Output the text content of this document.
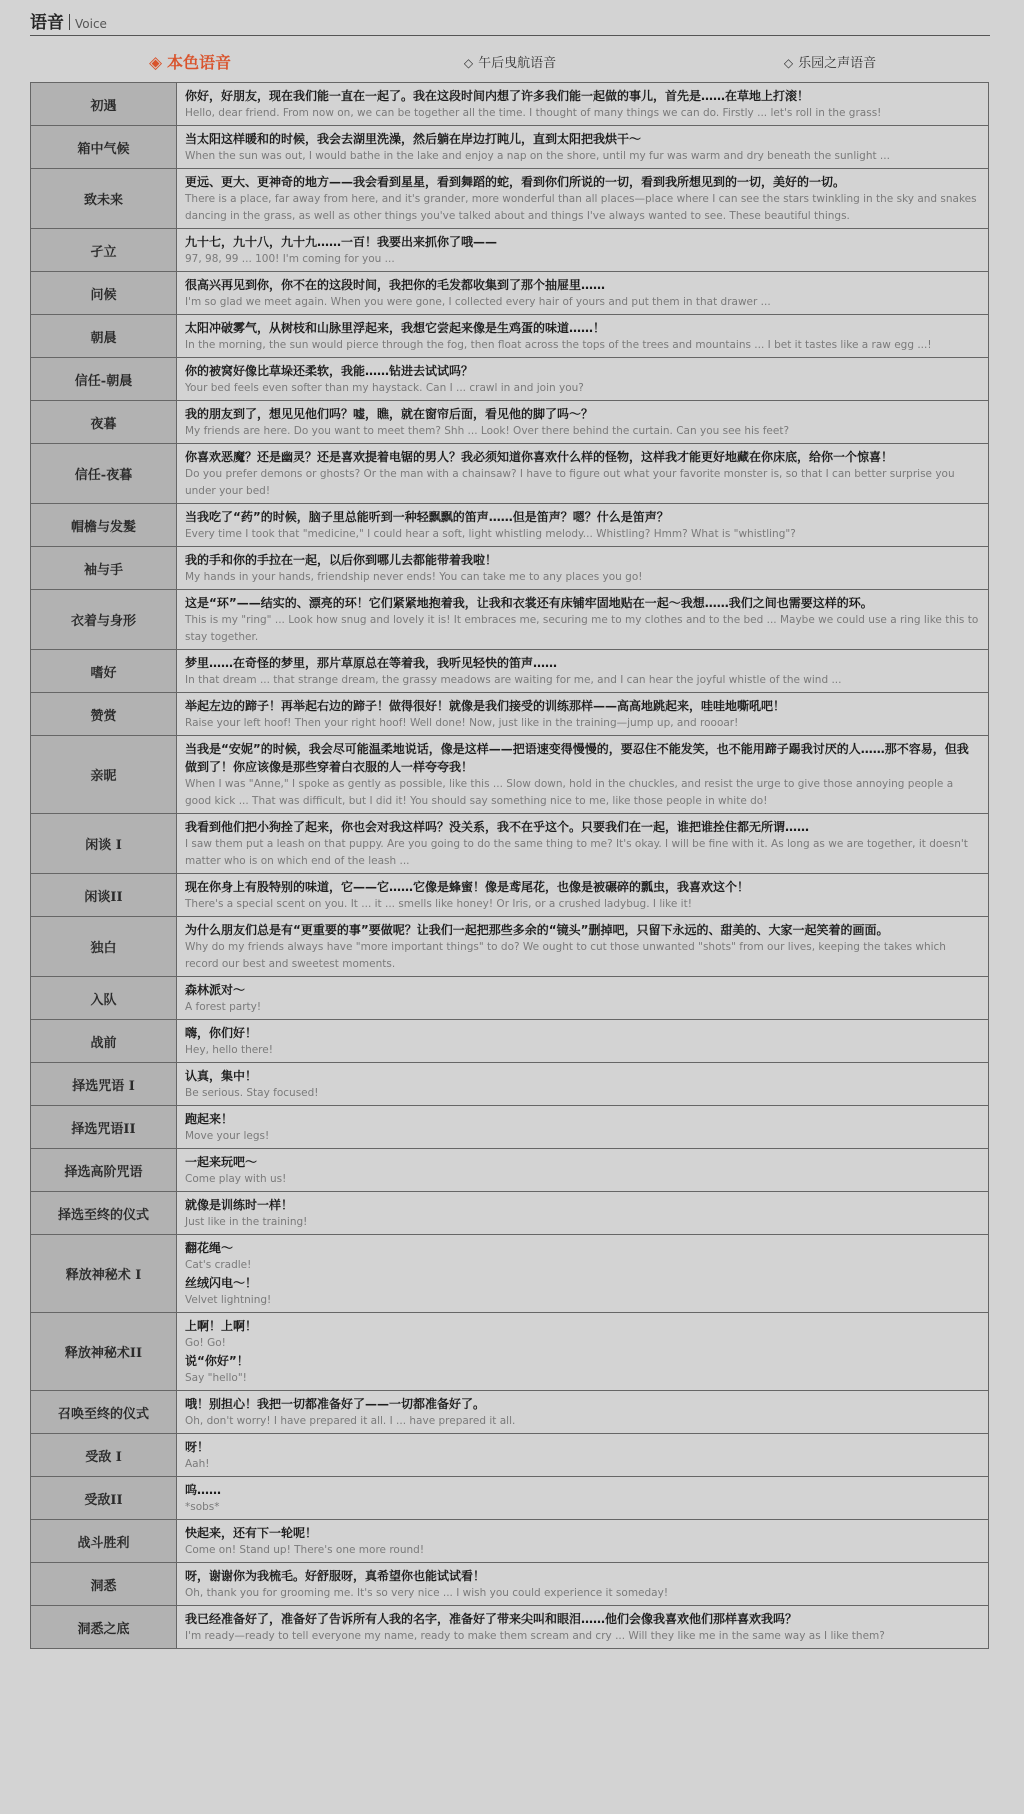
语音 Voice
◈ 本色语音	◇ 午后曳航语音	◇ 乐园之声语音
初遇	你好，好朋友，现在我们能一直在一起了。我在这段时间内想了许多我们能一起做的事儿，首先是……在草地上打滚！
Hello, dear friend. From now on, we can be together all the time. I thought of many things we can do. Firstly ... let's roll in the grass!

箱中气候	当太阳这样暖和的时候，我会去湖里洗澡，然后躺在岸边打盹儿，直到太阳把我烘干～
When the sun was out, I would bathe in the lake and enjoy a nap on the shore, until my fur was warm and dry beneath the sunlight ...

致未来	更远、更大、更神奇的地方——我会看到星星，看到舞蹈的蛇，看到你们所说的一切，看到我所想见到的一切，美好的一切。
There is a place, far away from here, and it's grander, more wonderful than all places—place where I can see the stars twinkling in the sky and snakes dancing in the grass, as well as other things you've talked about and things I've always wanted to see. These beautiful things.

孑立	九十七，九十八，九十九……一百！我要出来抓你了哦——
97, 98, 99 ... 100! I'm coming for you ...

问候	很高兴再见到你，你不在的这段时间，我把你的毛发都收集到了那个抽屉里……
I'm so glad we meet again. When you were gone, I collected every hair of yours and put them in that drawer ...

朝晨	太阳冲破雾气，从树枝和山脉里浮起来，我想它尝起来像是生鸡蛋的味道……！
In the morning, the sun would pierce through the fog, then float across the tops of the trees and mountains ... I bet it tastes like a raw egg ...!

信任-朝晨	你的被窝好像比草垛还柔软，我能……钻进去试试吗？
Your bed feels even softer than my haystack. Can I ... crawl in and join you?

夜暮	我的朋友到了，想见见他们吗？嘘，瞧，就在窗帘后面，看见他的脚了吗～？
My friends are here. Do you want to meet them? Shh ... Look! Over there behind the curtain. Can you see his feet?

信任-夜暮	你喜欢恶魔？还是幽灵？还是喜欢提着电锯的男人？我必须知道你喜欢什么样的怪物，这样我才能更好地藏在你床底，给你一个惊喜！
Do you prefer demons or ghosts? Or the man with a chainsaw? I have to figure out what your favorite monster is, so that I can better surprise you under your bed!

帽檐与发髮	当我吃了“药”的时候，脑子里总能听到一种轻飘飘的笛声……但是笛声？嗯？什么是笛声？
Every time I took that "medicine," I could hear a soft, light whistling melody... Whistling? Hmm? What is "whistling"?

袖与手	我的手和你的手拉在一起，以后你到哪儿去都能带着我啦！
My hands in your hands, friendship never ends! You can take me to any places you go!

衣着与身形	这是“环”——结实的、漂亮的环！它们紧紧地抱着我，让我和衣裳还有床铺牢固地贴在一起～我想……我们之间也需要这样的环。
This is my "ring" ... Look how snug and lovely it is! It embraces me, securing me to my clothes and to the bed ... Maybe we could use a ring like this to stay together.

嗜好	梦里……在奇怪的梦里，那片草原总在等着我，我听见轻快的笛声……
In that dream ... that strange dream, the grassy meadows are waiting for me, and I can hear the joyful whistle of the wind ...

赞赏	举起左边的蹄子！再举起右边的蹄子！做得很好！就像是我们接受的训练那样——高高地跳起来，哇哇地嘶吼吧！
Raise your left hoof! Then your right hoof! Well done! Now, just like in the training—jump up, and roooar!

亲昵	当我是“安妮”的时候，我会尽可能温柔地说话，像是这样——把语速变得慢慢的，要忍住不能发笑，也不能用蹄子踢我讨厌的人……那不容易，但我做到了！你应该像是那些穿着白衣服的人一样夸夸我！
When I was "Anne," I spoke as gently as possible, like this ... Slow down, hold in the chuckles, and resist the urge to give those annoying people a good kick ... That was difficult, but I did it! You should say something nice to me, like those people in white do!

闲谈 I	我看到他们把小狗拴了起来，你也会对我这样吗？没关系，我不在乎这个。只要我们在一起，谁把谁拴住都无所谓……
I saw them put a leash on that puppy. Are you going to do the same thing to me? It's okay. I will be fine with it. As long as we are together, it doesn't matter who is on which end of the leash ...

闲谈II	现在你身上有股特别的味道，它——它……它像是蜂蜜！像是鸢尾花，也像是被碾碎的瓢虫，我喜欢这个！
There's a special scent on you. It ... it ... smells like honey! Or Iris, or a crushed ladybug. I like it!

独白	为什么朋友们总是有“更重要的事”要做呢？让我们一起把那些多余的“镜头”删掉吧，只留下永远的、甜美的、大家一起笑着的画面。
Why do my friends always have "more important things" to do? We ought to cut those unwanted "shots" from our lives, keeping the takes which record our best and sweetest moments.

入队	森林派对～
A forest party!

战前	嗨，你们好！
Hey, hello there!

择选咒语 I	认真，集中！
Be serious. Stay focused!

择选咒语II	跑起来！
Move your legs!

择选高阶咒语	一起来玩吧～
Come play with us!

择选至终的仪式	就像是训练时一样！
Just like in the training!

释放神秘术 I	翻花绳～
Cat's cradle!
丝绒闪电～！
Velvet lightning!

释放神秘术II	上啊！上啊！
Go! Go!
说“你好”！
Say "hello"!

召唤至终的仪式	哦！别担心！我把一切都准备好了——一切都准备好了。
Oh, don't worry! I have prepared it all. I ... have prepared it all.

受敌 I	呀！
Aah!

受敌II	呜……
*sobs*

战斗胜利	快起来，还有下一轮呢！
Come on! Stand up! There's one more round!

洞悉	呀，谢谢你为我梳毛。好舒服呀，真希望你也能试试看！
Oh, thank you for grooming me. It's so very nice ... I wish you could experience it someday!

洞悉之底	我已经准备好了，准备好了告诉所有人我的名字，准备好了带来尖叫和眼泪……他们会像我喜欢他们那样喜欢我吗？
I'm ready—ready to tell everyone my name, ready to make them scream and cry ... Will they like me in the same way as I like them?
